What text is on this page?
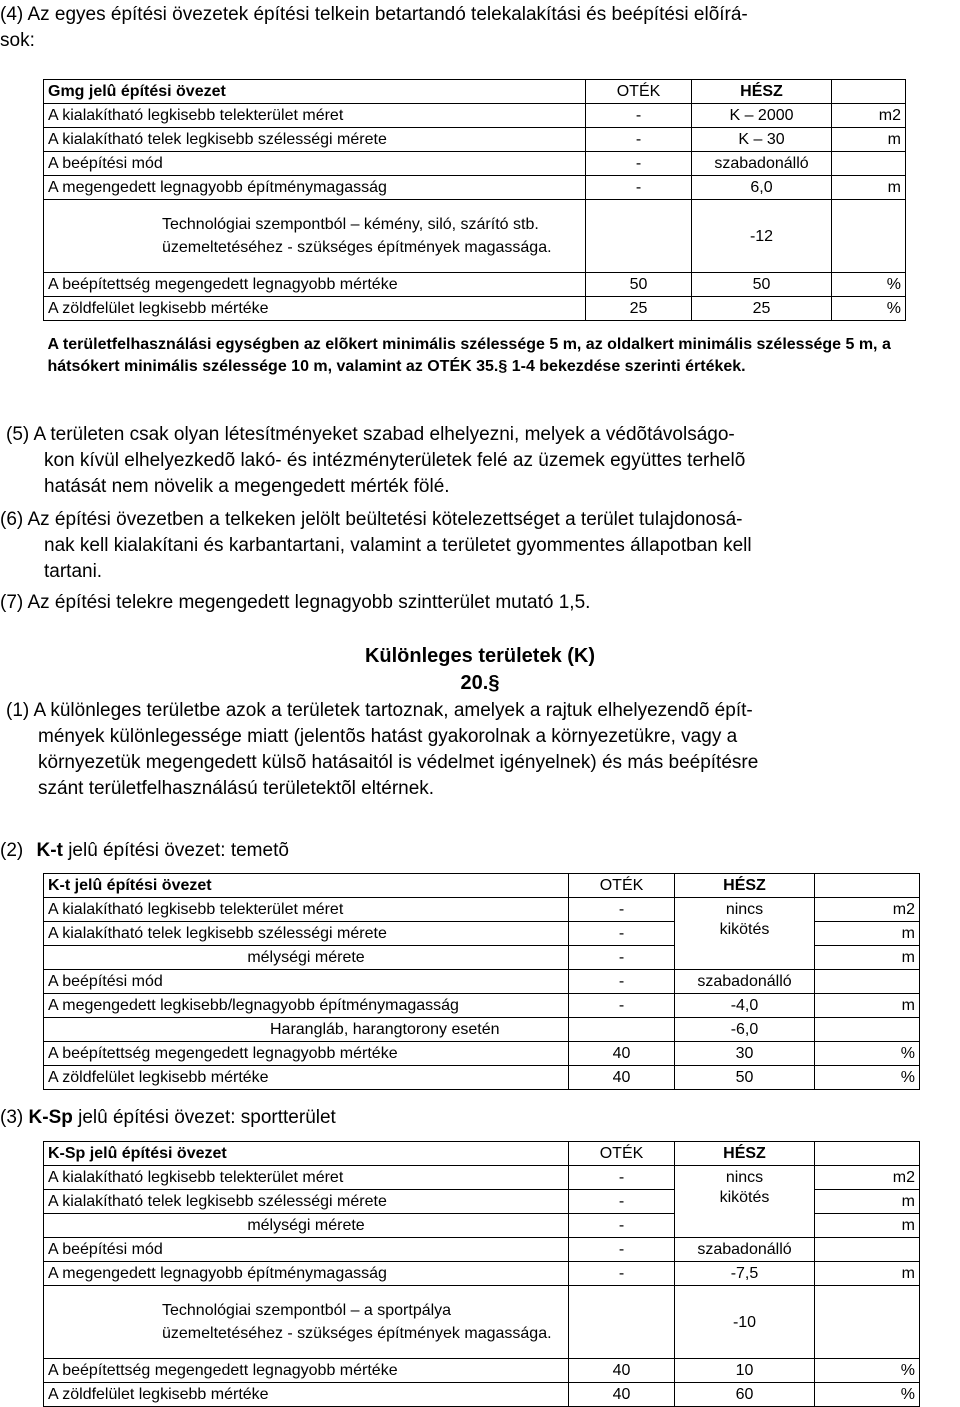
(4) Az egyes építési övezetek építési telkein betartandó telekalakítási és beépítési elõírá-
sok:
Gmg jelû építési övezet	OTÉK	HÉSZ	
A kialakítható legkisebb telekterület méret	-	K – 2000	m2
A kialakítható telek legkisebb szélességi mérete	-	K – 30	m
A beépítési mód	-	szabadonálló	
A megengedett legnagyobb építménymagasság	-	6,0	m
Technológiai szempontból – kémény, siló, szárító stb. üzemeltetéséhez - szükséges építmények magassága.		-12	
A beépítettség megengedett legnagyobb mértéke	50	50	%
A zöldfelület legkisebb mértéke	25	25	%
A területfelhasználási egységben az elõkert minimális szélessége 5 m, az oldalkert minimális szélessége 5 m, a hátsókert minimális szélessége 10 m, valamint az OTÉK 35.§ 1-4 bekezdése szerinti értékek.			
(5) A területen csak olyan létesítményeket szabad elhelyezni, melyek a védõtávolságo-
kon kívül elhelyezkedõ lakó- és intézményterületek felé az üzemek együttes terhelõ
hatását nem növelik a megengedett mérték fölé.
(6) Az építési övezetben a telkeken jelölt beültetési kötelezettséget a terület tulajdonosá-
nak kell kialakítani és karbantartani, valamint a területet gyommentes állapotban kell
tartani.
(7) Az építési telekre megengedett legnagyobb szintterület mutató 1,5.
Különleges területek (K)
20.§
(1) A különleges területbe azok a területek tartoznak, amelyek a rajtuk elhelyezendõ épít-
mények különlegessége miatt (jelentõs hatást gyakorolnak a környezetükre, vagy a
környezetük megengedett külsõ hatásaitól is védelmet igényelnek) és más beépítésre
szánt területfelhasználású területektõl eltérnek.
(2) K-t jelû építési övezet: temetõ
K-t jelû építési övezet	OTÉK	HÉSZ	
A kialakítható legkisebb telekterület méret	-	nincs	m2
A kialakítható telek legkisebb szélességi mérete	-	kikötés	m
mélységi mérete	-		m
A beépítési mód	-	szabadonálló	
A megengedett legkisebb/legnagyobb építménymagasság	-	-4,0	m
Harangláb, harangtorony esetén		-6,0	
A beépítettség megengedett legnagyobb mértéke	40	30	%
A zöldfelület legkisebb mértéke	40	50	%
(3) K-Sp jelû építési övezet: sportterület
K-Sp jelû építési övezet	OTÉK	HÉSZ	
A kialakítható legkisebb telekterület méret	-	nincs	m2
A kialakítható telek legkisebb szélességi mérete	-	kikötés	m
mélységi mérete	-		m
A beépítési mód	-	szabadonálló	
A megengedett legnagyobb építménymagasság	-	-7,5	m
Technológiai szempontból – a sportpálya üzemeltetéséhez - szükséges építmények magassága.		-10	
A beépítettség megengedett legnagyobb mértéke	40	10	%
A zöldfelület legkisebb mértéke	40	60	%
